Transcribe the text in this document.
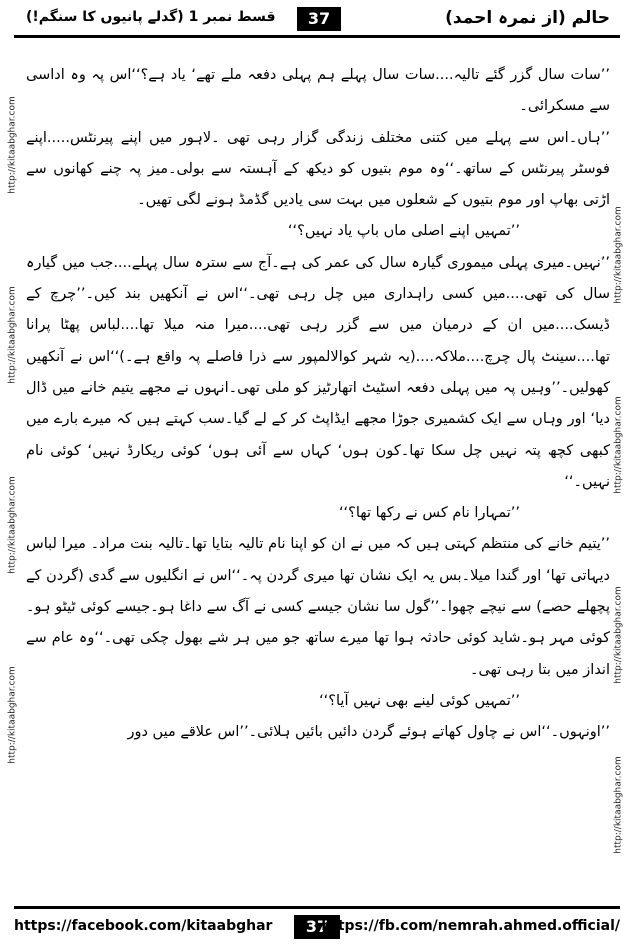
حالم (از نمرہ احمد)
37
قسط نمبر 1 (گدلے پانیوں کا سنگم!)
http://kitaabghar.com
http://kitaabghar.com
http://kitaabghar.com
http://kitaabghar.com
http://kitaabghar.com
http://kitaabghar.com
http://kitaabghar.com
http://kitaabghar.com

’’سات سال گزر گئے تالیہ....سات سال پہلے ہم پہلی دفعہ ملے تھے‘ یاد ہے؟‘‘اس پہ وہ اداسی سے مسکرائی۔

’’ہاں۔اس سے پہلے میں کتنی مختلف زندگی گزار رہی تھی ۔لاہور میں اپنے پیرنٹس.....اپنے فوسٹر پیرنٹس کے ساتھ۔‘‘وہ موم بتیوں کو دیکھ کے آہستہ سے بولی۔میز پہ چنے کھانوں سے اڑتی بھاپ اور موم بتیوں کے شعلوں میں بہت سی یادیں گڈمڈ ہونے لگی تھیں۔

’’تمہیں اپنے اصلی ماں باپ یاد نہیں؟‘‘

’’نہیں۔میری پہلی میموری گیارہ سال کی عمر کی ہے۔آج سے سترہ سال پہلے....جب میں گیارہ سال کی تھی....میں کسی راہداری میں چل رہی تھی۔‘‘اس نے آنکھیں بند کیں۔’’چرچ کے ڈیسک....میں ان کے درمیان میں سے گزر رہی تھی....میرا منہ میلا تھا....لباس پھٹا پرانا تھا....سینٹ پال چرچ....ملاکہ....(یہ شہر کوالالمپور سے ذرا فاصلے پہ واقع ہے۔)‘‘اس نے آنکھیں کھولیں۔’’وہیں پہ میں پہلی دفعہ اسٹیٹ اتھارٹیز کو ملی تھی۔انہوں نے مجھے یتیم خانے میں ڈال دیا‘ اور وہاں سے ایک کشمیری جوڑا مجھے ایڈاپٹ کر کے لے گیا۔سب کہتے ہیں کہ میرے بارے میں کبھی کچھ پتہ نہیں چل سکا تھا۔کون ہوں‘ کہاں سے آئی ہوں‘ کوئی ریکارڈ نہیں‘ کوئی نام نہیں۔‘‘

’’تمہارا نام کس نے رکھا تھا؟‘‘

’’یتیم خانے کی منتظم کہتی ہیں کہ میں نے ان کو اپنا نام تالیہ بتایا تھا۔تالیہ بنت مراد۔ میرا لباس دیہاتی تھا‘ اور گندا میلا۔بس یہ ایک نشان تھا میری گردن پہ۔‘‘اس نے انگلیوں سے گدی (گردن کے پچھلے حصے) سے نیچے چھوا۔’’گول سا نشان جیسے کسی نے آگ سے داغا ہو۔جیسے کوئی ٹیٹو ہو۔کوئی مہر ہو۔شاید کوئی حادثہ ہوا تھا میرے ساتھ جو میں ہر شے بھول چکی تھی۔‘‘وہ عام سے انداز میں بتا رہی تھی۔

’’تمہیں کوئی لینے بھی نہیں آیا؟‘‘

’’اونہوں۔‘‘اس نے چاول کھاتے ہوئے گردن دائیں بائیں ہلائی۔’’اس علاقے میں دور

https://facebook.com/kitaabghar	37
https://fb.com/nemrah.ahmed.official/
